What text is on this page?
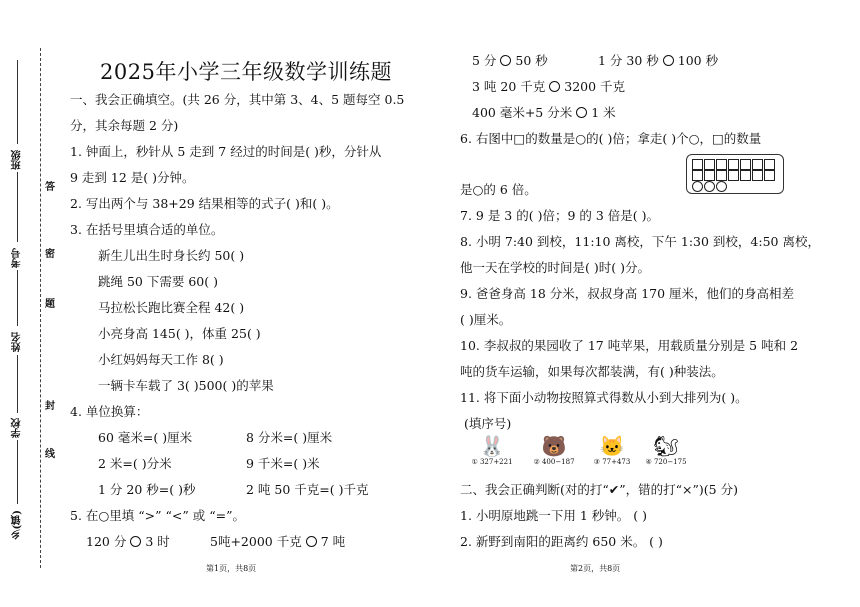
答
密
题
封
线
乡(镇)
学校
姓名
考号
班级
2025年小学三年级数学训练题
一、我会正确填空。(共 26 分，其中第 3、4、5 题每空 0.5
分，其余每题 2 分)
1. 钟面上，秒针从 5 走到 7 经过的时间是( )秒，分针从
9 走到 12 是( )分钟。
2. 写出两个与 38+29 结果相等的式子( )和( )。
3. 在括号里填合适的单位。
新生儿出生时身长约 50( )
跳绳 50 下需要 60( )
马拉松长跑比赛全程 42( )
小亮身高 145( )，体重 25( )
小红妈妈每天工作 8( )
一辆卡车载了 3( )500( )的苹果
4. 单位换算：
60 毫米=( )厘米	8 分米=( )厘米
2 米=( )分米	9 千米=( )米
1 分 20 秒=( )秒	2 吨 50 千克=( )千克
5. 在○里填 “>” “<” 或 “=”。
120 分 3 时	5吨+2000 千克 7 吨
第1页，共8页
5 分 50 秒	1 分 30 秒 100 秒
3 吨 20 千克 3200 千克
400 毫米+5 分米 1 米
6. 右图中□的数量是○的( )倍；拿走( )个○，□的数量
是○的 6 倍。
7. 9 是 3 的( )倍；9 的 3 倍是( )。
8. 小明 7:40 到校，11:10 离校，下午 1:30 到校，4:50 离校，
他一天在学校的时间是( )时( )分。
9. 爸爸身高 18 分米，叔叔身高 170 厘米，他们的身高相差
( )厘米。
10. 李叔叔的果园收了 17 吨苹果，用载质量分别是 5 吨和 2
吨的货车运输，如果每次都装满，有( )种装法。
11. 将下面小动物按照算式得数从小到大排列为( )。
(填序号)
🐰
① 327+221
🐻
② 400−187
🐱
③ 77+473
🐿
④ 720−175
二、我会正确判断(对的打“✔”，错的打“×”)(5 分)
1. 小明原地跳一下用 1 秒钟。 ( )
2. 新野到南阳的距离约 650 米。 ( )
第2页，共8页
